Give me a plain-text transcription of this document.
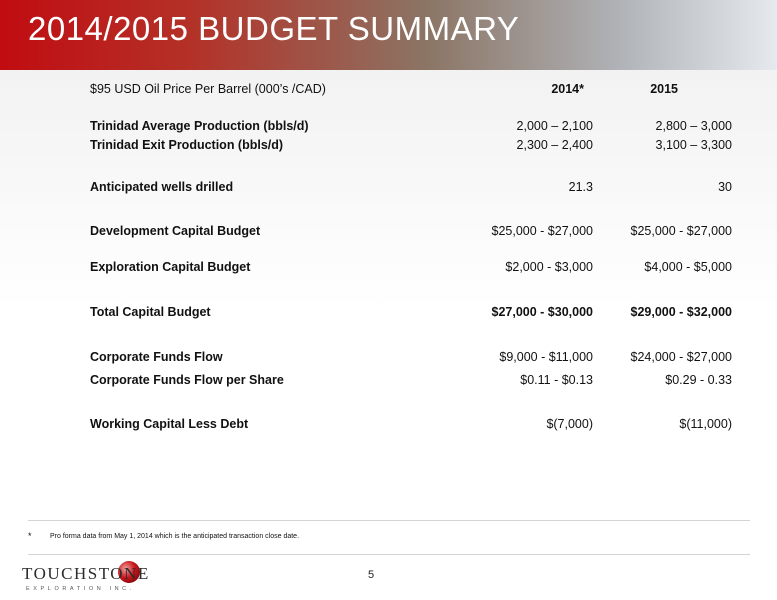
2014/2015 BUDGET SUMMARY
$95 USD Oil Price Per Barrel (000’s /CAD)	2014*	2015
Trinidad Average Production (bbls/d)	2,000 – 2,100	2,800 – 3,000
Trinidad Exit Production (bbls/d)	2,300 – 2,400	3,100 – 3,300
Anticipated wells drilled	21.3	30
Development Capital Budget	$25,000 - $27,000	$25,000 - $27,000
Exploration Capital Budget	$2,000 - $3,000	$4,000 - $5,000
Total Capital Budget	$27,000 - $30,000	$29,000 - $32,000
Corporate Funds Flow	$9,000 - $11,000	$24,000 - $27,000
Corporate Funds Flow per Share	$0.11 - $0.13	$0.29 - 0.33
Working Capital Less Debt	$(7,000)	$(11,000)
*	Pro forma data from May 1, 2014 which is the anticipated transaction close date.
TOUCHSTONE
EXPLORATION INC.
5
